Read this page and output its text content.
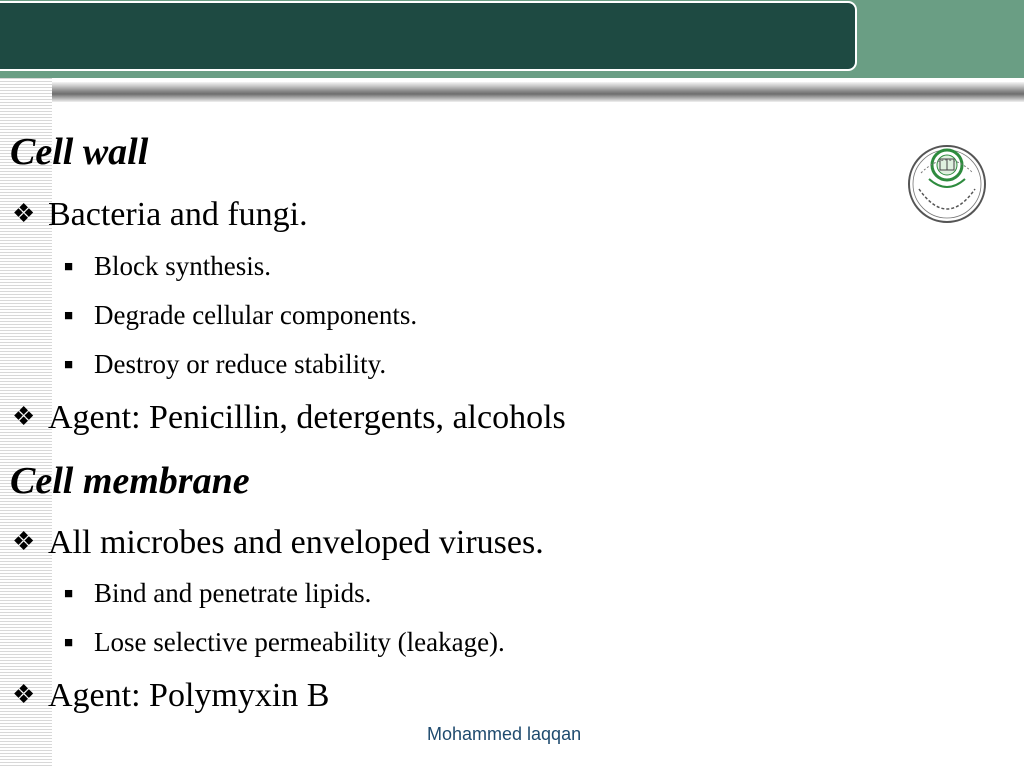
Cell wall
❖ Bacteria and fungi.
■ Block synthesis.
■ Degrade cellular components.
■ Destroy or reduce stability.
❖ Agent: Penicillin, detergents, alcohols
Cell membrane
❖ All microbes and enveloped viruses.
■ Bind and penetrate lipids.
■ Lose selective permeability (leakage).
❖ Agent: Polymyxin B
Mohammed laqqan
